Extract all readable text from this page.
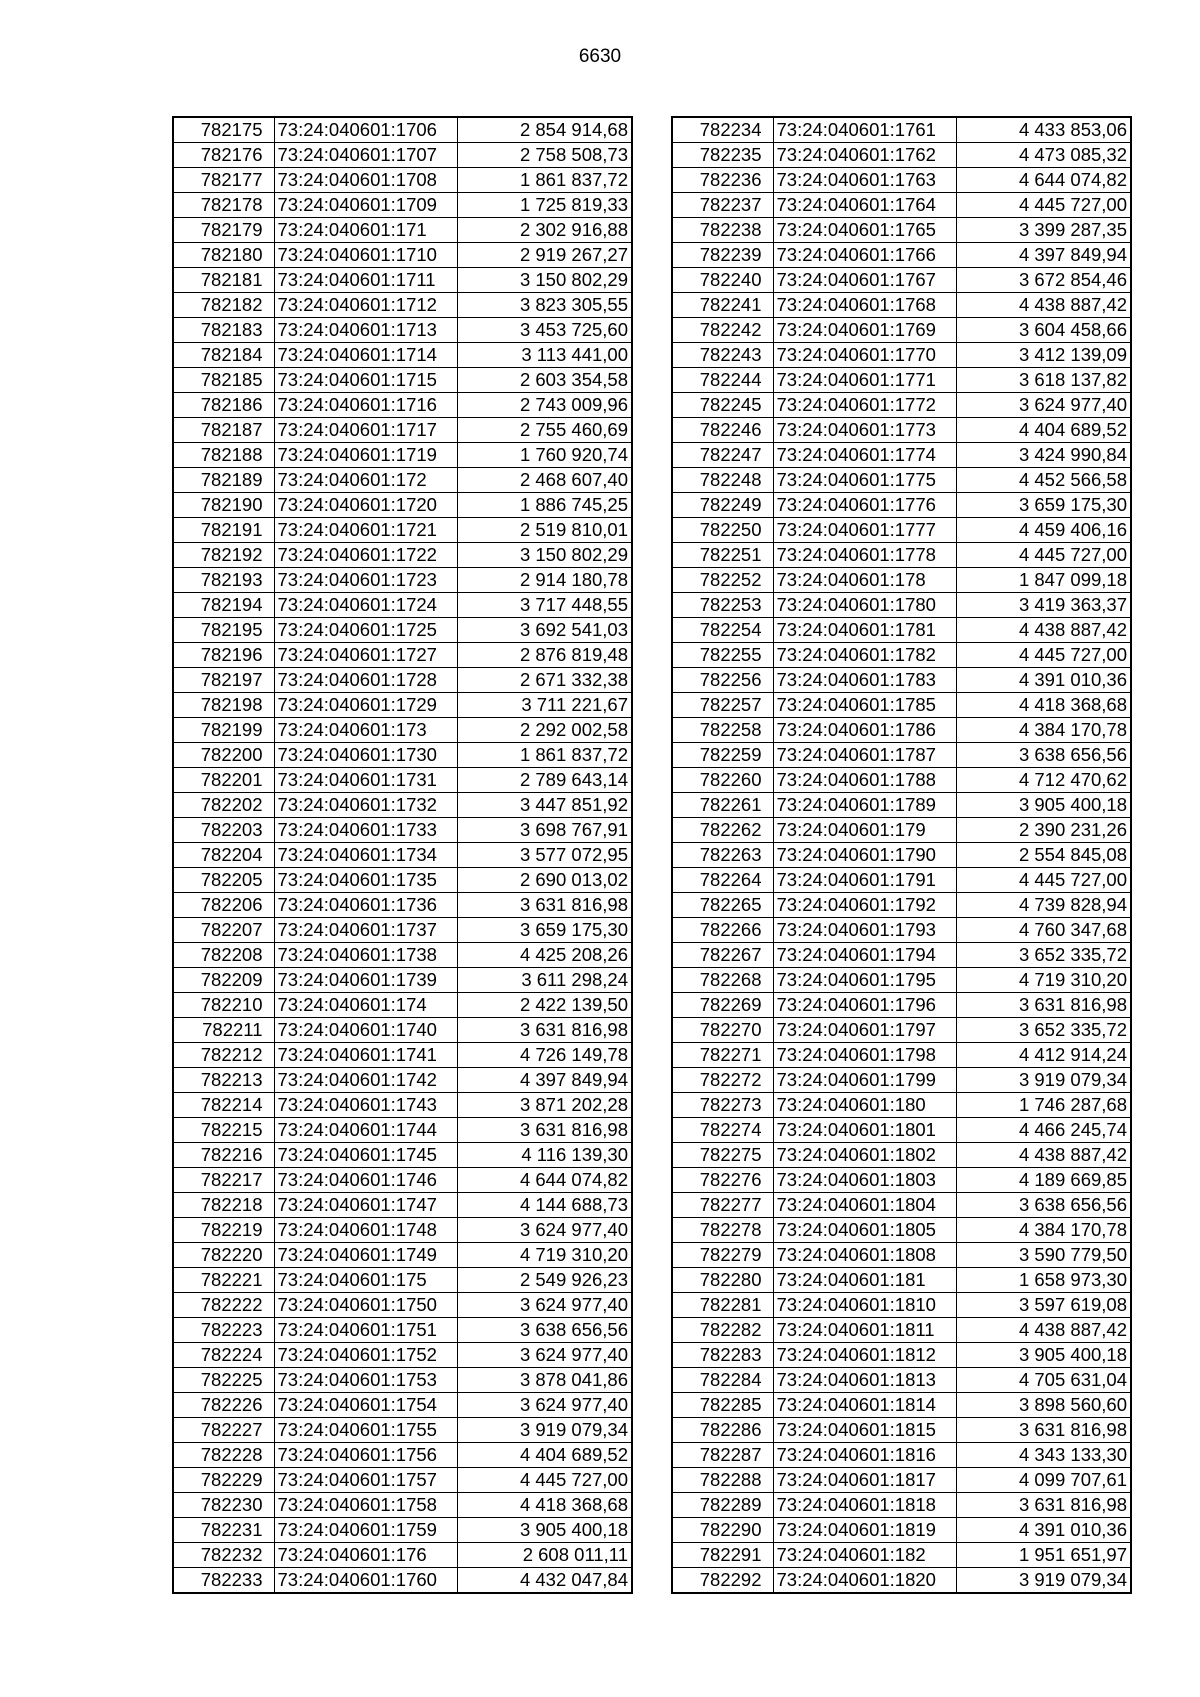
6630
782175	73:24:040601:1706	2 854 914,68
782176	73:24:040601:1707	2 758 508,73
782177	73:24:040601:1708	1 861 837,72
782178	73:24:040601:1709	1 725 819,33
782179	73:24:040601:171	2 302 916,88
782180	73:24:040601:1710	2 919 267,27
782181	73:24:040601:1711	3 150 802,29
782182	73:24:040601:1712	3 823 305,55
782183	73:24:040601:1713	3 453 725,60
782184	73:24:040601:1714	3 113 441,00
782185	73:24:040601:1715	2 603 354,58
782186	73:24:040601:1716	2 743 009,96
782187	73:24:040601:1717	2 755 460,69
782188	73:24:040601:1719	1 760 920,74
782189	73:24:040601:172	2 468 607,40
782190	73:24:040601:1720	1 886 745,25
782191	73:24:040601:1721	2 519 810,01
782192	73:24:040601:1722	3 150 802,29
782193	73:24:040601:1723	2 914 180,78
782194	73:24:040601:1724	3 717 448,55
782195	73:24:040601:1725	3 692 541,03
782196	73:24:040601:1727	2 876 819,48
782197	73:24:040601:1728	2 671 332,38
782198	73:24:040601:1729	3 711 221,67
782199	73:24:040601:173	2 292 002,58
782200	73:24:040601:1730	1 861 837,72
782201	73:24:040601:1731	2 789 643,14
782202	73:24:040601:1732	3 447 851,92
782203	73:24:040601:1733	3 698 767,91
782204	73:24:040601:1734	3 577 072,95
782205	73:24:040601:1735	2 690 013,02
782206	73:24:040601:1736	3 631 816,98
782207	73:24:040601:1737	3 659 175,30
782208	73:24:040601:1738	4 425 208,26
782209	73:24:040601:1739	3 611 298,24
782210	73:24:040601:174	2 422 139,50
782211	73:24:040601:1740	3 631 816,98
782212	73:24:040601:1741	4 726 149,78
782213	73:24:040601:1742	4 397 849,94
782214	73:24:040601:1743	3 871 202,28
782215	73:24:040601:1744	3 631 816,98
782216	73:24:040601:1745	4 116 139,30
782217	73:24:040601:1746	4 644 074,82
782218	73:24:040601:1747	4 144 688,73
782219	73:24:040601:1748	3 624 977,40
782220	73:24:040601:1749	4 719 310,20
782221	73:24:040601:175	2 549 926,23
782222	73:24:040601:1750	3 624 977,40
782223	73:24:040601:1751	3 638 656,56
782224	73:24:040601:1752	3 624 977,40
782225	73:24:040601:1753	3 878 041,86
782226	73:24:040601:1754	3 624 977,40
782227	73:24:040601:1755	3 919 079,34
782228	73:24:040601:1756	4 404 689,52
782229	73:24:040601:1757	4 445 727,00
782230	73:24:040601:1758	4 418 368,68
782231	73:24:040601:1759	3 905 400,18
782232	73:24:040601:176	2 608 011,11
782233	73:24:040601:1760	4 432 047,84
782234	73:24:040601:1761	4 433 853,06
782235	73:24:040601:1762	4 473 085,32
782236	73:24:040601:1763	4 644 074,82
782237	73:24:040601:1764	4 445 727,00
782238	73:24:040601:1765	3 399 287,35
782239	73:24:040601:1766	4 397 849,94
782240	73:24:040601:1767	3 672 854,46
782241	73:24:040601:1768	4 438 887,42
782242	73:24:040601:1769	3 604 458,66
782243	73:24:040601:1770	3 412 139,09
782244	73:24:040601:1771	3 618 137,82
782245	73:24:040601:1772	3 624 977,40
782246	73:24:040601:1773	4 404 689,52
782247	73:24:040601:1774	3 424 990,84
782248	73:24:040601:1775	4 452 566,58
782249	73:24:040601:1776	3 659 175,30
782250	73:24:040601:1777	4 459 406,16
782251	73:24:040601:1778	4 445 727,00
782252	73:24:040601:178	1 847 099,18
782253	73:24:040601:1780	3 419 363,37
782254	73:24:040601:1781	4 438 887,42
782255	73:24:040601:1782	4 445 727,00
782256	73:24:040601:1783	4 391 010,36
782257	73:24:040601:1785	4 418 368,68
782258	73:24:040601:1786	4 384 170,78
782259	73:24:040601:1787	3 638 656,56
782260	73:24:040601:1788	4 712 470,62
782261	73:24:040601:1789	3 905 400,18
782262	73:24:040601:179	2 390 231,26
782263	73:24:040601:1790	2 554 845,08
782264	73:24:040601:1791	4 445 727,00
782265	73:24:040601:1792	4 739 828,94
782266	73:24:040601:1793	4 760 347,68
782267	73:24:040601:1794	3 652 335,72
782268	73:24:040601:1795	4 719 310,20
782269	73:24:040601:1796	3 631 816,98
782270	73:24:040601:1797	3 652 335,72
782271	73:24:040601:1798	4 412 914,24
782272	73:24:040601:1799	3 919 079,34
782273	73:24:040601:180	1 746 287,68
782274	73:24:040601:1801	4 466 245,74
782275	73:24:040601:1802	4 438 887,42
782276	73:24:040601:1803	4 189 669,85
782277	73:24:040601:1804	3 638 656,56
782278	73:24:040601:1805	4 384 170,78
782279	73:24:040601:1808	3 590 779,50
782280	73:24:040601:181	1 658 973,30
782281	73:24:040601:1810	3 597 619,08
782282	73:24:040601:1811	4 438 887,42
782283	73:24:040601:1812	3 905 400,18
782284	73:24:040601:1813	4 705 631,04
782285	73:24:040601:1814	3 898 560,60
782286	73:24:040601:1815	3 631 816,98
782287	73:24:040601:1816	4 343 133,30
782288	73:24:040601:1817	4 099 707,61
782289	73:24:040601:1818	3 631 816,98
782290	73:24:040601:1819	4 391 010,36
782291	73:24:040601:182	1 951 651,97
782292	73:24:040601:1820	3 919 079,34
